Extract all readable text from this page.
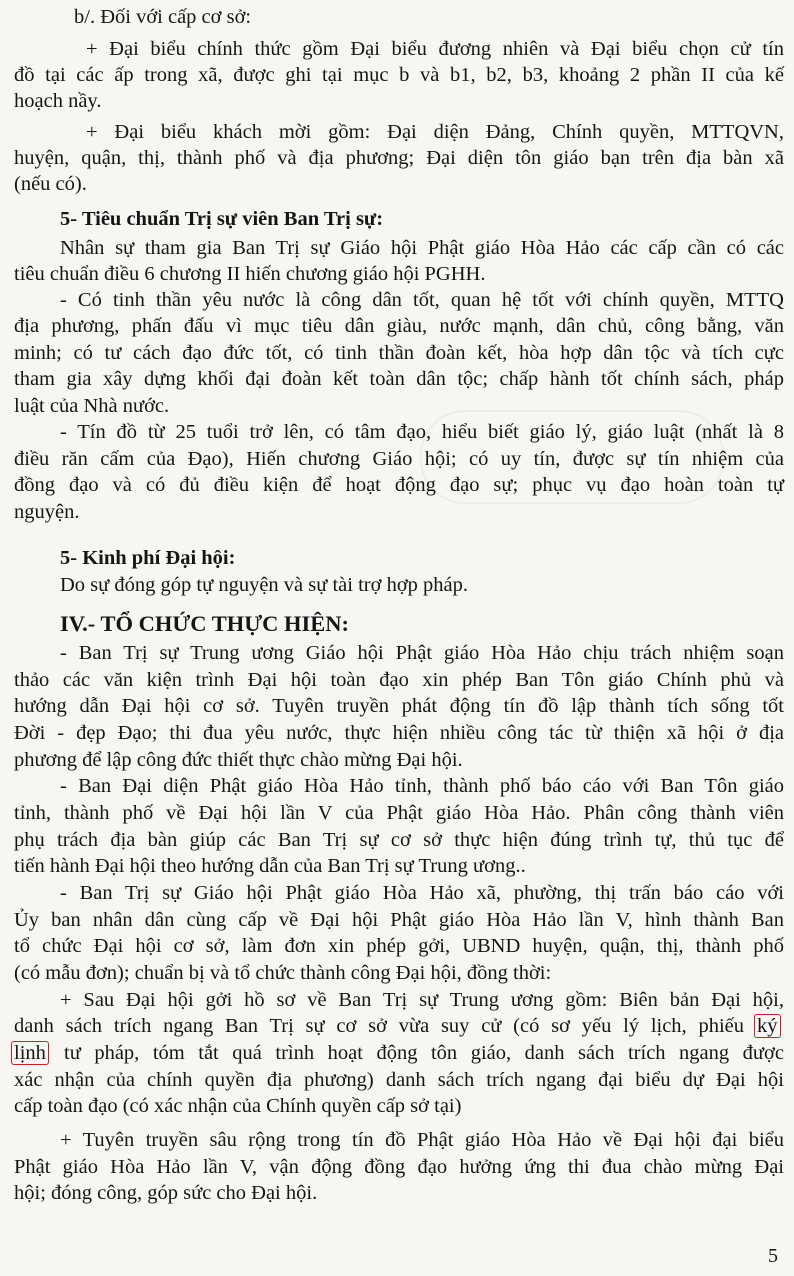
b/. Đối với cấp cơ sở:
+ Đại biểu chính thức gồm Đại biểu đương nhiên và Đại biểu chọn cử tín
đồ tại các ấp trong xã, được ghi tại mục b và b1, b2, b3, khoảng 2 phần II của kế
hoạch nầy.
+ Đại biểu khách mời gồm: Đại diện Đảng, Chính quyền, MTTQVN,
huyện, quận, thị, thành phố và địa phương; Đại diện tôn giáo bạn trên địa bàn xã
(nếu có).
5- Tiêu chuẩn Trị sự viên Ban Trị sự:
Nhân sự tham gia Ban Trị sự Giáo hội Phật giáo Hòa Hảo các cấp cần có các
tiêu chuẩn điều 6 chương II hiến chương giáo hội PGHH.
- Có tinh thần yêu nước là công dân tốt, quan hệ tốt với chính quyền, MTTQ
địa phương, phấn đấu vì mục tiêu dân giàu, nước mạnh, dân chủ, công bằng, văn
minh; có tư cách đạo đức tốt, có tinh thần đoàn kết, hòa hợp dân tộc và tích cực
tham gia xây dựng khối đại đoàn kết toàn dân tộc; chấp hành tốt chính sách, pháp
luật của Nhà nước.
- Tín đồ từ 25 tuổi trở lên, có tâm đạo, hiểu biết giáo lý, giáo luật (nhất là 8
điều răn cấm của Đạo), Hiến chương Giáo hội; có uy tín, được sự tín nhiệm của
đồng đạo và có đủ điều kiện để hoạt động đạo sự; phục vụ đạo hoàn toàn tự
nguyện.
5- Kinh phí Đại hội:
Do sự đóng góp tự nguyện và sự tài trợ hợp pháp.
IV.- TỔ CHỨC THỰC HIỆN:
- Ban Trị sự Trung ương Giáo hội Phật giáo Hòa Hảo chịu trách nhiệm soạn
thảo các văn kiện trình Đại hội toàn đạo xin phép Ban Tôn giáo Chính phủ và
hướng dẫn Đại hội cơ sở. Tuyên truyền phát động tín đồ lập thành tích sống tốt
Đời - đẹp Đạo; thi đua yêu nước, thực hiện nhiều công tác từ thiện xã hội ở địa
phương để lập công đức thiết thực chào mừng Đại hội.
- Ban Đại diện Phật giáo Hòa Hảo tỉnh, thành phố báo cáo với Ban Tôn giáo
tỉnh, thành phố về Đại hội lần V của Phật giáo Hòa Hảo. Phân công thành viên
phụ trách địa bàn giúp các Ban Trị sự cơ sở thực hiện đúng trình tự, thủ tục để
tiến hành Đại hội theo hướng dẫn của Ban Trị sự Trung ương..
- Ban Trị sự Giáo hội Phật giáo Hòa Hảo xã, phường, thị trấn báo cáo với
Ủy ban nhân dân cùng cấp về Đại hội Phật giáo Hòa Hảo lần V, hình thành Ban
tổ chức Đại hội cơ sở, làm đơn xin phép gởi, UBND huyện, quận, thị, thành phố
(có mẫu đơn); chuẩn bị và tổ chức thành công Đại hội, đồng thời:
+ Sau Đại hội gởi hồ sơ về Ban Trị sự Trung ương gồm: Biên bản Đại hội,
danh sách trích ngang Ban Trị sự cơ sở vừa suy cử (có sơ yếu lý lịch, phiếu ký
lịnh tư pháp, tóm tắt quá trình hoạt động tôn giáo, danh sách trích ngang được
xác nhận của chính quyền địa phương) danh sách trích ngang đại biểu dự Đại hội
cấp toàn đạo (có xác nhận của Chính quyền cấp sở tại)
+ Tuyên truyền sâu rộng trong tín đồ Phật giáo Hòa Hảo về Đại hội đại biểu
Phật giáo Hòa Hảo lần V, vận động đồng đạo hưởng ứng thi đua chào mừng Đại
hội; đóng công, góp sức cho Đại hội.
5
